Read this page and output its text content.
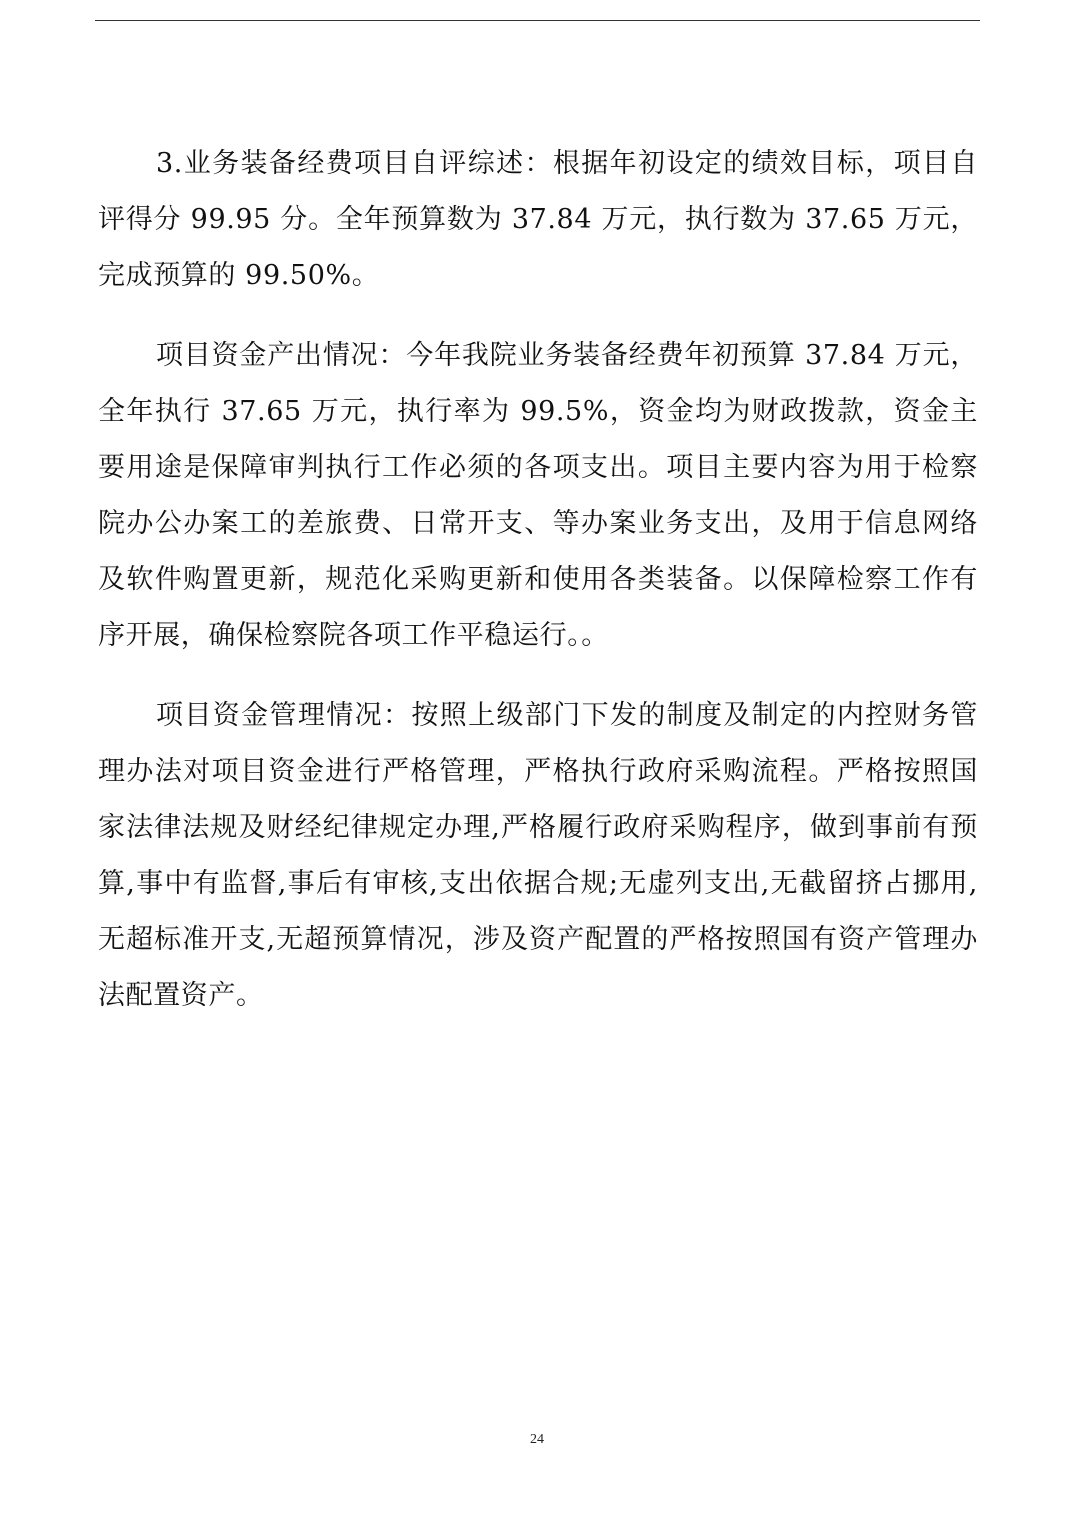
3.业务装备经费项目自评综述：根据年初设定的绩效目标，项目自评得分 99.95 分。全年预算数为 37.84 万元，执行数为 37.65 万元，完成预算的 99.50%。

项目资金产出情况：今年我院业务装备经费年初预算 37.84 万元，全年执行 37.65 万元，执行率为 99.5%，资金均为财政拨款，资金主要用途是保障审判执行工作必须的各项支出。项目主要内容为用于检察院办公办案工的差旅费、日常开支、等办案业务支出，及用于信息网络及软件购置更新，规范化采购更新和使用各类装备。以保障检察工作有序开展，确保检察院各项工作平稳运行。。

项目资金管理情况：按照上级部门下发的制度及制定的内控财务管理办法对项目资金进行严格管理，严格执行政府采购流程。严格按照国家法律法规及财经纪律规定办理,严格履行政府采购程序，做到事前有预算,事中有监督,事后有审核,支出依据合规;无虚列支出,无截留挤占挪用,无超标准开支,无超预算情况，涉及资产配置的严格按照国有资产管理办法配置资产。

24
